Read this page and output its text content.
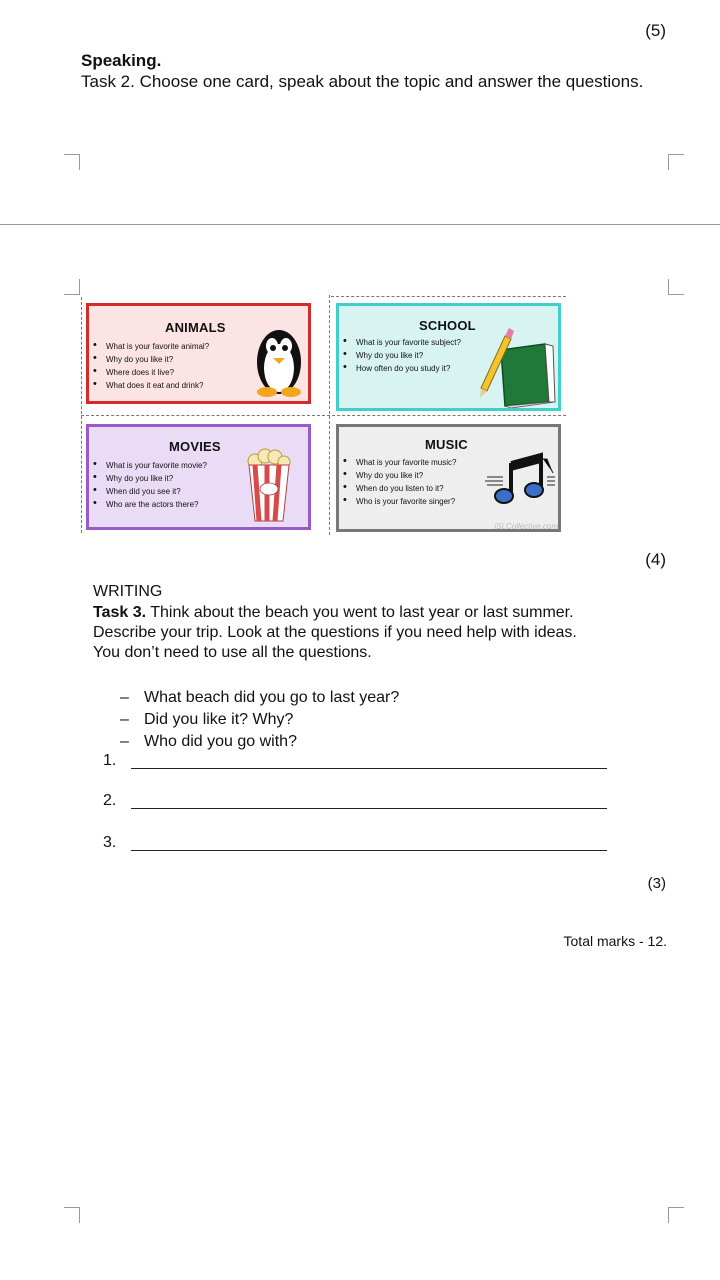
(5)
Speaking.
Task 2. Choose one card, speak about the topic and answer the questions.
ANIMALS
• What is your favorite animal?
• Why do you like it?
• Where does it live?
• What does it eat and drink?
SCHOOL
• What is your favorite subject?
• Why do you like it?
• How often do you study it?
MOVIES
• What is your favorite movie?
• Why do you like it?
• When did you see it?
• Who are the actors there?
MUSIC
• What is your favorite music?
• Why do you like it?
• When do you listen to it?
• Who is your favorite singer?
iSLCollective.com
(4)
WRITING
Task 3. Think about the beach you went to last year or last summer.
Describe your trip. Look at the questions if you need help with ideas.
You don’t need to use all the questions.
– What beach did you go to last year?
– Did you like it? Why?
– Who did you go with?
1.
2.
3.
(3)
Total marks - 12.
